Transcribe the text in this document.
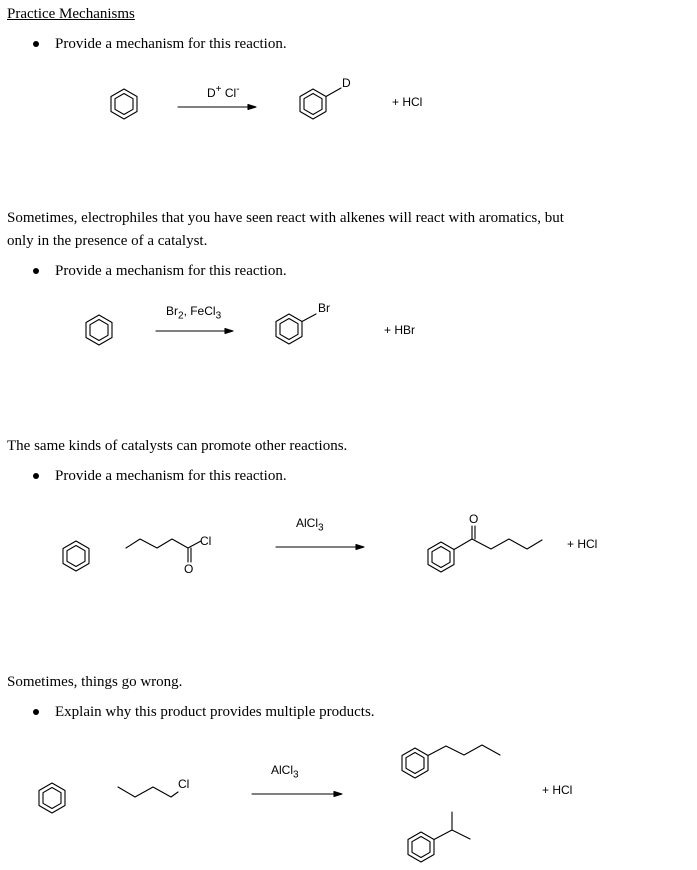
Practice Mechanisms
Provide a mechanism for this reaction.
Sometimes, electrophiles that you have seen react with alkenes will react with aromatics, but
only in the presence of a catalyst.
Provide a mechanism for this reaction.
The same kinds of catalysts can promote other reactions.
Provide a mechanism for this reaction.
Sometimes, things go wrong.
Explain why this product provides multiple products.
D+ Cl-	D
+ HCl
$Br_2$, FeCl$_3$
Br
+ HBr
Cl
O
AlCl$_3$
O
+ HCl
Cl
AlCl$_3$
+ HCl
